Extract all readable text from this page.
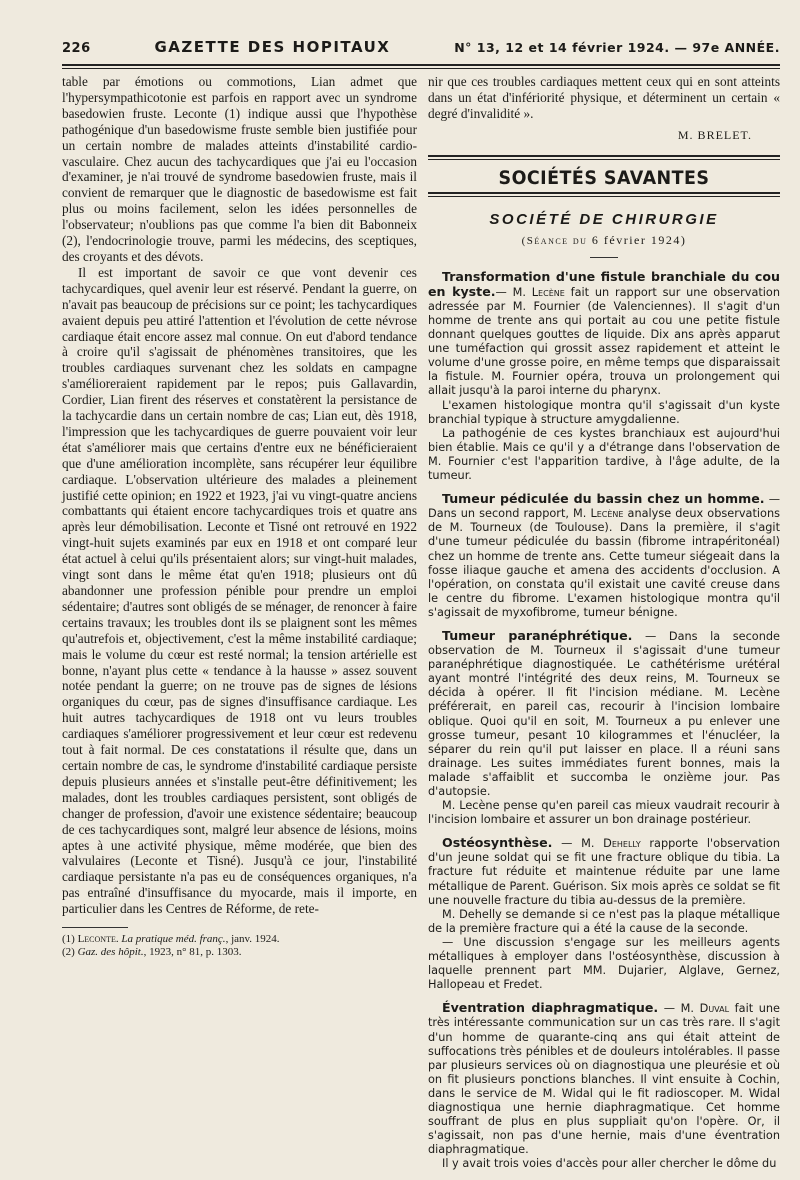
226	GAZETTE DES HOPITAUX	N° 13, 12 et 14 février 1924. — 97e ANNÉE.

table par émotions ou commotions, Lian admet que l'hypersympathicotonie est parfois en rapport avec un syndrome basedowien fruste. Leconte (1) indique aussi que l'hypothèse pathogénique d'un basedowisme fruste semble bien justifiée pour un certain nombre de malades atteints d'instabilité cardio-vasculaire. Chez aucun des tachycardiques que j'ai eu l'occasion d'examiner, je n'ai trouvé de syndrome basedowien fruste, mais il convient de remarquer que le diagnostic de basedowisme est fait plus ou moins facilement, selon les idées personnelles de l'observateur; n'oublions pas que comme l'a bien dit Babonneix (2), l'endocrinologie trouve, parmi les médecins, des sceptiques, des croyants et des dévots.

Il est important de savoir ce que vont devenir ces tachycardiques, quel avenir leur est réservé. Pendant la guerre, on n'avait pas beaucoup de précisions sur ce point; les tachycardiques avaient depuis peu attiré l'attention et l'évolution de cette névrose cardiaque était encore assez mal connue. On eut d'abord tendance à croire qu'il s'agissait de phénomènes transitoires, que les troubles cardiaques survenant chez les soldats en campagne s'amélioreraient rapidement par le repos; puis Gallavardin, Cordier, Lian firent des réserves et constatèrent la persistance de la tachycardie dans un certain nombre de cas; Lian eut, dès 1918, l'impression que les tachycardiques de guerre pouvaient voir leur état s'améliorer mais que certains d'entre eux ne bénéficieraient que d'une amélioration incomplète, sans récupérer leur équilibre cardiaque. L'observation ultérieure des malades a pleinement justifié cette opinion; en 1922 et 1923, j'ai vu vingt-quatre anciens combattants qui étaient encore tachycardiques trois et quatre ans après leur démobilisation. Leconte et Tisné ont retrouvé en 1922 vingt-huit sujets examinés par eux en 1918 et ont comparé leur état actuel à celui qu'ils présentaient alors; sur vingt-huit malades, vingt sont dans le même état qu'en 1918; plusieurs ont dû abandonner une profession pénible pour prendre un emploi sédentaire; d'autres sont obligés de se ménager, de renoncer à faire certains travaux; les troubles dont ils se plaignent sont les mêmes qu'autrefois et, objectivement, c'est la même instabilité cardiaque; mais le volume du cœur est resté normal; la tension artérielle est bonne, n'ayant plus cette « tendance à la hausse » assez souvent notée pendant la guerre; on ne trouve pas de signes de lésions organiques du cœur, pas de signes d'insuffisance cardiaque. Les huit autres tachycardiques de 1918 ont vu leurs troubles cardiaques s'améliorer progressivement et leur cœur est redevenu tout à fait normal. De ces constatations il résulte que, dans un certain nombre de cas, le syndrome d'instabilité cardiaque persiste depuis plusieurs années et s'installe peut-être définitivement; les malades, dont les troubles cardiaques persistent, sont obligés de changer de profession, d'avoir une existence sédentaire; beaucoup de ces tachycardiques sont, malgré leur absence de lésions, moins aptes à une activité physique, même modérée, que bien des valvulaires (Leconte et Tisné). Jusqu'à ce jour, l'instabilité cardiaque persistante n'a pas eu de conséquences organiques, n'a pas entraîné d'insuffisance du myocarde, mais il importe, en particulier dans les Centres de Réforme, de rete-

(1) Leconte. La pratique méd. franç., janv. 1924.

(2) Gaz. des hôpit., 1923, n° 81, p. 1303.

nir que ces troubles cardiaques mettent ceux qui en sont atteints dans un état d'infériorité physique, et déterminent un certain « degré d'invalidité ».

M. BRELET.
SOCIÉTÉS SAVANTES
SOCIÉTÉ DE CHIRURGIE
(Séance du 6 février 1924)

Transformation d'une fistule branchiale du cou en kyste.— M. Lecène fait un rapport sur une observation adressée par M. Fournier (de Valenciennes). Il s'agit d'un homme de trente ans qui portait au cou une petite fistule donnant quelques gouttes de liquide. Dix ans après apparut une tuméfaction qui grossit assez rapidement et atteint le volume d'une grosse poire, en même temps que disparaissait la fistule. M. Fournier opéra, trouva un prolongement qui allait jusqu'à la paroi interne du pharynx.

L'examen histologique montra qu'il s'agissait d'un kyste branchial typique à structure amygdalienne.

La pathogénie de ces kystes branchiaux est aujourd'hui bien établie. Mais ce qu'il y a d'étrange dans l'observation de M. Fournier c'est l'apparition tardive, à l'âge adulte, de la tumeur.

Tumeur pédiculée du bassin chez un homme. — Dans un second rapport, M. Lecène analyse deux observations de M. Tourneux (de Toulouse). Dans la première, il s'agit d'une tumeur pédiculée du bassin (fibrome intrapéritonéal) chez un homme de trente ans. Cette tumeur siégeait dans la fosse iliaque gauche et amena des accidents d'occlusion. A l'opération, on constata qu'il existait une cavité creuse dans le centre du fibrome. L'examen histologique montra qu'il s'agissait de myxofibrome, tumeur bénigne.

Tumeur paranéphrétique. — Dans la seconde observation de M. Tourneux il s'agissait d'une tumeur paranéphrétique diagnostiquée. Le cathétérisme urétéral ayant montré l'intégrité des deux reins, M. Tourneux se décida à opérer. Il fit l'incision médiane. M. Lecène préférerait, en pareil cas, recourir à l'incision lombaire oblique. Quoi qu'il en soit, M. Tourneux a pu enlever une grosse tumeur, pesant 10 kilogrammes et l'énucléer, la séparer du rein qu'il put laisser en place. Il a réuni sans drainage. Les suites immédiates furent bonnes, mais la malade s'affaiblit et succomba le onzième jour. Pas d'autopsie.

M. Lecène pense qu'en pareil cas mieux vaudrait recourir à l'incision lombaire et assurer un bon drainage postérieur.

Ostéosynthèse. — M. Dehelly rapporte l'observation d'un jeune soldat qui se fit une fracture oblique du tibia. La fracture fut réduite et maintenue réduite par une lame métallique de Parent. Guérison. Six mois après ce soldat se fit une nouvelle fracture du tibia au-dessus de la première.

M. Dehelly se demande si ce n'est pas la plaque métallique de la première fracture qui a été la cause de la seconde.

— Une discussion s'engage sur les meilleurs agents métalliques à employer dans l'ostéosynthèse, discussion à laquelle prennent part MM. Dujarier, Alglave, Gernez, Hallopeau et Fredet.

Éventration diaphragmatique. — M. Duval fait une très intéressante communication sur un cas très rare. Il s'agit d'un homme de quarante-cinq ans qui était atteint de suffocations très pénibles et de douleurs intolérables. Il passe par plusieurs services où on diagnostiqua une pleurésie et où on fit plusieurs ponctions blanches. Il vint ensuite à Cochin, dans le service de M. Widal qui le fit radioscoper. M. Widal diagnostiqua une hernie diaphragmatique. Cet homme souffrant de plus en plus suppliait qu'on l'opère. Or, il s'agissait, non pas d'une hernie, mais d'une éventration diaphragmatique.

Il y avait trois voies d'accès pour aller chercher le dôme du
